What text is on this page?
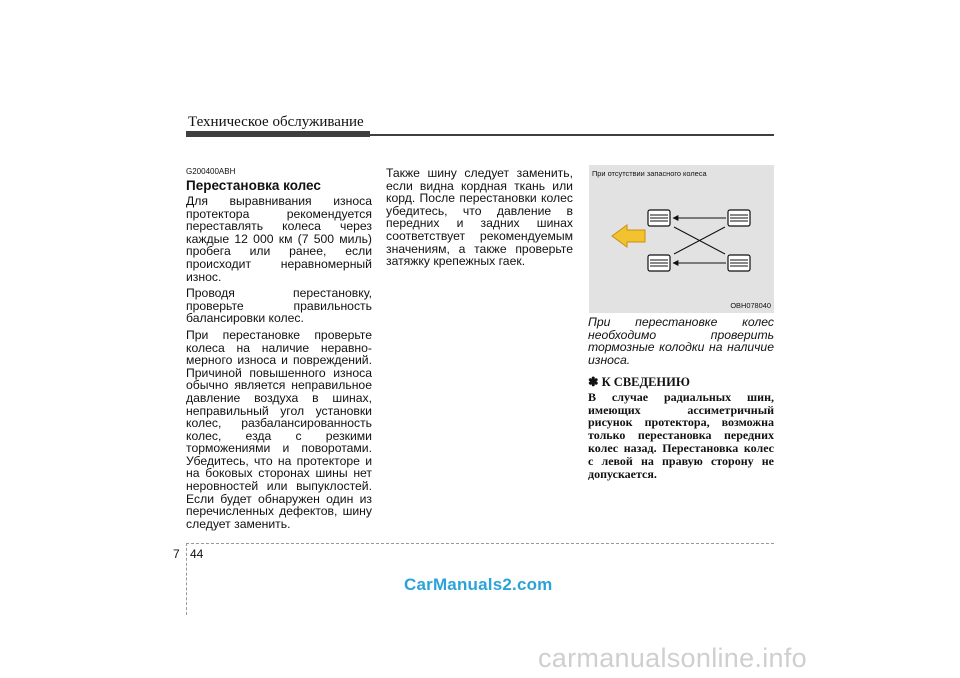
Техническое обслуживание
G200400ABH
Перестановка колес

Для выравнивания износа протектора рекомендуется переставлять колеса через каждые 12 000 км (7 500 миль) пробега или ранее, если происходит неравномерный износ.

Проводя перестановку, проверьте правильность балансировки колес.

При перестановке проверьте колеса на наличие неравно-мерного износа и повреждений. Причиной повышенного износа обычно является неправильное давление воздуха в шинах, неправильный угол установки колес, разбалансированность колес, езда с резкими торможениями и поворотами. Убедитесь, что на протекторе и на боковых сторонах шины нет неровностей или выпуклостей. Если будет обнаружен один из перечисленных дефектов, шину следует заменить.

Также шину следует заменить, если видна кордная ткань или корд. После перестановки колес убедитесь, что давление в передних и задних шинах соответствует рекомендуемым значениям, а также проверьте затяжку крепежных гаек.

При отсутствии запасного колеса
OBH078040

При перестановке колес необходимо проверить тормозные колодки на наличие износа.

✽ К СВЕДЕНИЮ
В случае радиальных шин, имеющих ассиметричный рисунок протектора, возможна только перестановка передних колес назад. Перестановка колес с левой на правую сторону не допускается.
7 44
CarManuals2.com
carmanualsonline.info
